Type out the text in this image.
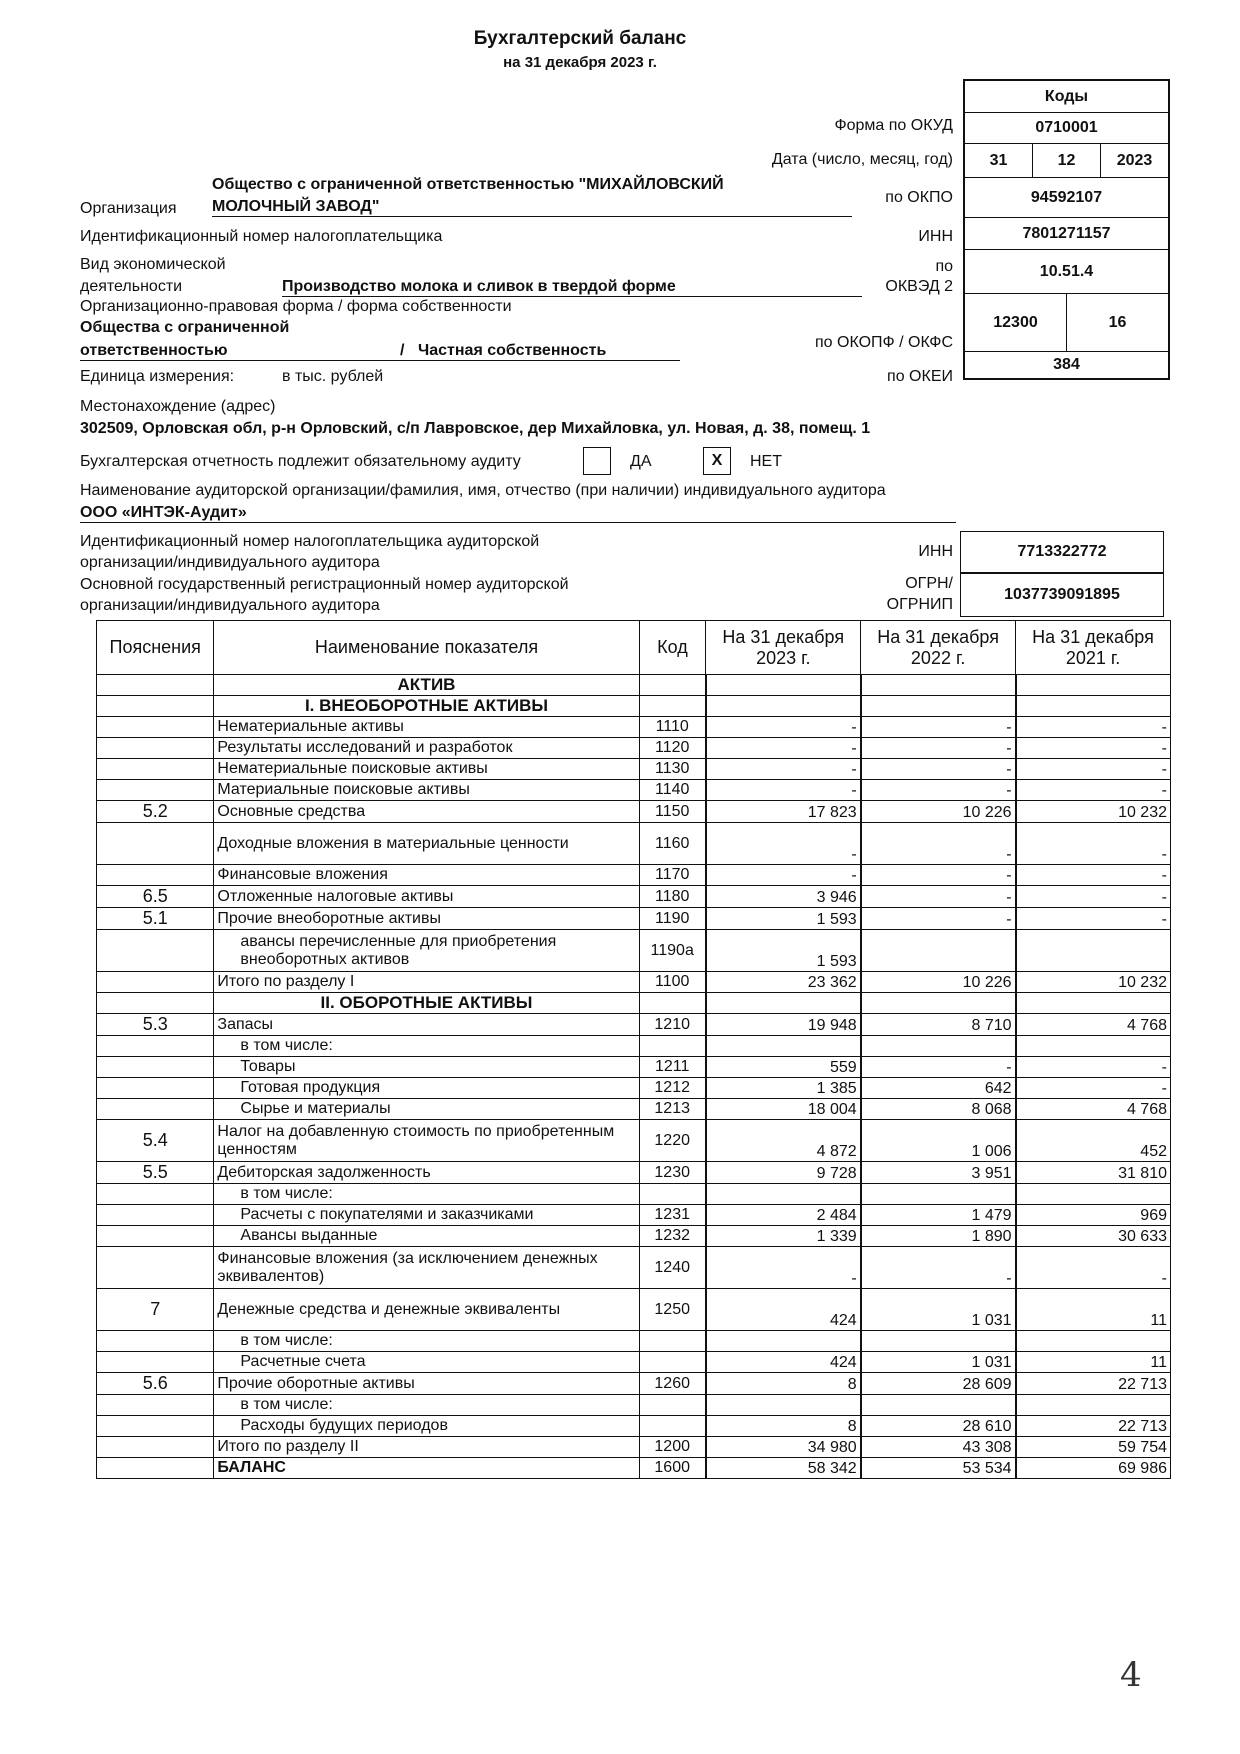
Бухгалтерский баланс
на 31 декабря 2023 г.
Коды
0710001
31	12	2023
94592107
7801271157
10.51.4
12300	16
384
Форма по ОКУД
Дата (число, месяц, год)
по ОКПО
ИНН
по
ОКВЭД 2
по ОКОПФ / ОКФС
по ОКЕИ
Организация
Общество с ограниченной ответственностью "МИХАЙЛОВСКИЙ
МОЛОЧНЫЙ ЗАВОД"
Идентификационный номер налогоплательщика
Вид экономической
деятельности	Производство молока и сливок в твердой форме
Организационно-правовая форма / форма собственности
Общества с ограниченной
ответственностью	/ Частная собственность
Единица измерения:	в тыс. рублей
Местонахождение (адрес)
302509, Орловская обл, р-н Орловский, с/п Лавровское, дер Михайловка, ул. Новая, д. 38, помещ. 1
Бухгалтерская отчетность подлежит обязательному аудиту	ДА	X	НЕТ
Наименование аудиторской организации/фамилия, имя, отчество (при наличии) индивидуального аудитора
ООО «ИНТЭК-Аудит»
Идентификационный номер налогоплательщика аудиторской
организации/индивидуального аудитора
ИНН	7713322772
Основной государственный регистрационный номер аудиторской
организации/индивидуального аудитора
ОГРН/
ОГРНИП
1037739091895
Пояснения	Наименование показателя	Код	На 31 декабря 2023 г.	На 31 декабря 2022 г.	На 31 декабря 2021 г.
	АКТИВ				
	I. ВНЕОБОРОТНЫЕ АКТИВЫ				
	Нематериальные активы	1110	-	-	-
	Результаты исследований и разработок	1120	-	-	-
	Нематериальные поисковые активы	1130	-	-	-
	Материальные поисковые активы	1140	-	-	-
5.2	Основные средства	1150	17 823	10 226	10 232
	Доходные вложения в материальные ценности	1160	-	-	-
	Финансовые вложения	1170	-	-	-
6.5	Отложенные налоговые активы	1180	3 946	-	-
5.1	Прочие внеоборотные активы	1190	1 593	-	-
	авансы перечисленные для приобретения внеоборотных активов	1190а	1 593		
	Итого по разделу I	1100	23 362	10 226	10 232
	II. ОБОРОТНЫЕ АКТИВЫ				
5.3	Запасы	1210	19 948	8 710	4 768
	в том числе:				
	Товары	1211	559	-	-
	Готовая продукция	1212	1 385	642	-
	Сырье и материалы	1213	18 004	8 068	4 768
5.4	Налог на добавленную стоимость по приобретенным ценностям	1220	4 872	1 006	452
5.5	Дебиторская задолженность	1230	9 728	3 951	31 810
	в том числе:				
	Расчеты с покупателями и заказчиками	1231	2 484	1 479	969
	Авансы выданные	1232	1 339	1 890	30 633
	Финансовые вложения (за исключением денежных эквивалентов)	1240	-	-	-
7	Денежные средства и денежные эквиваленты	1250	424	1 031	11
	в том числе:				
	Расчетные счета		424	1 031	11
5.6	Прочие оборотные активы	1260	8	28 609	22 713
	в том числе:				
	Расходы будущих периодов		8	28 610	22 713
	Итого по разделу II	1200	34 980	43 308	59 754
	БАЛАНС	1600	58 342	53 534	69 986
4
